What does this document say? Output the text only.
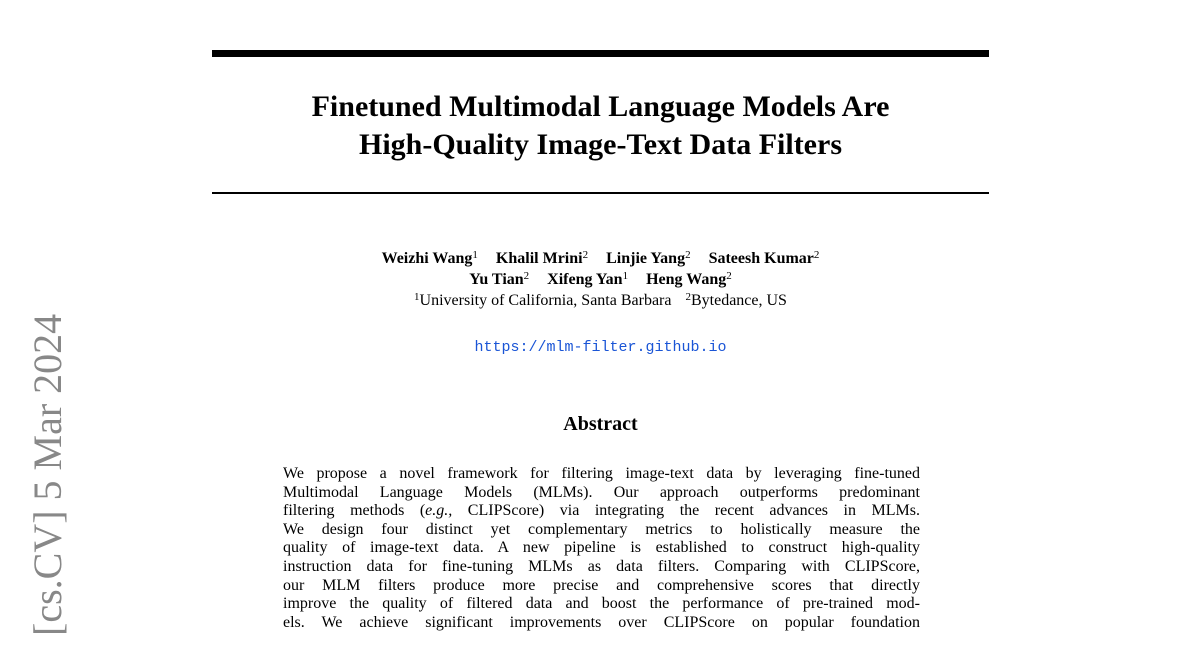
Finetuned Multimodal Language Models Are
High-Quality Image-Text Data Filters
Weizhi Wang$^1$ Khalil Mrini$^2$ Linjie Yang$^2$ Sateesh Kumar$^2$
Yu Tian$^2$ Xifeng Yan$^1$ Heng Wang$^2$
$^1$University of California, Santa Barbara $^2$Bytedance, US
https://mlm-filter.github.io
Abstract
We propose a novel framework for filtering image-text data by leveraging fine-tuned
Multimodal Language Models (MLMs). Our approach outperforms predominant
filtering methods (e.g., CLIPScore) via integrating the recent advances in MLMs.
We design four distinct yet complementary metrics to holistically measure the
quality of image-text data. A new pipeline is established to construct high-quality
instruction data for fine-tuning MLMs as data filters. Comparing with CLIPScore,
our MLM filters produce more precise and comprehensive scores that directly
improve the quality of filtered data and boost the performance of pre-trained mod-
els. We achieve significant improvements over CLIPScore on popular foundation
[cs.CV] 5 Mar 2024
